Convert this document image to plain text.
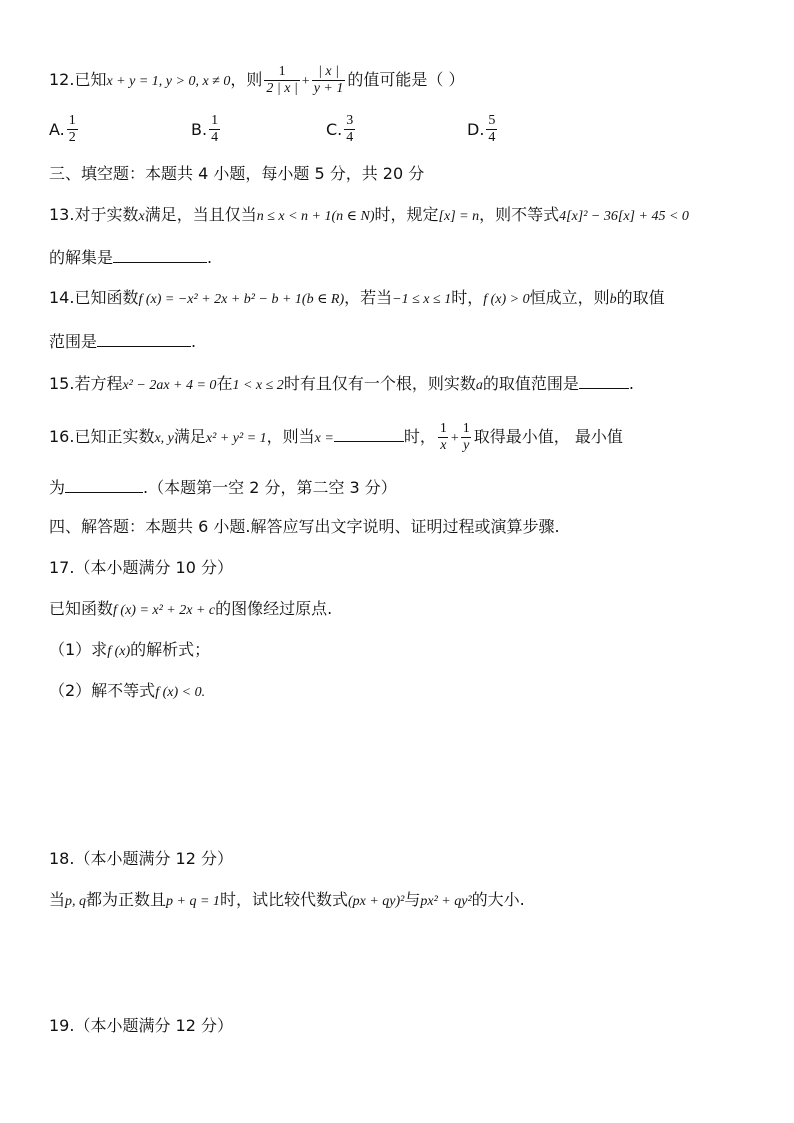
12.已知x + y = 1, y > 0, x ≠ 0，则 $\frac{1}{2 | x |} + \frac{| x |}{y + 1}$ 的值可能是（ ）
A. $\frac{1}{2}$	B. $\frac{1}{4}$	C. $\frac{3}{4}$	D. $\frac{5}{4}$
三、填空题：本题共 4 小题，每小题 5 分，共 20 分
13.对于实数x满足，当且仅当n ≤ x < n + 1(n ∈ N)时，规定[x] = n，则不等式4[x]² − 36[x] + 45 < 0
的解集是	.
14.已知函数f (x) = −x² + 2x + b² − b + 1(b ∈ R)，若当−1 ≤ x ≤ 1时，f (x) > 0恒成立，则b的取值
范围是	.
15.若方程x² − 2ax + 4 = 0在1 < x ≤ 2时有且仅有一个根，则实数a的取值范围是	.
16.已知正实数x, y满足x² + y² = 1，则当x =	时， $\frac{1}{x} + \frac{1}{y}$ 取得最小值， 最小值
为	.（本题第一空 2 分，第二空 3 分）
四、解答题：本题共 6 小题.解答应写出文字说明、证明过程或演算步骤.
17.（本小题满分 10 分）
已知函数f (x) = x² + 2x + c的图像经过原点.
（1）求f (x)的解析式；
（2）解不等式f (x) < 0.
18.（本小题满分 12 分）
当p, q都为正数且p + q = 1时，试比较代数式(px + qy)²与px² + qy²的大小.
19.（本小题满分 12 分）
